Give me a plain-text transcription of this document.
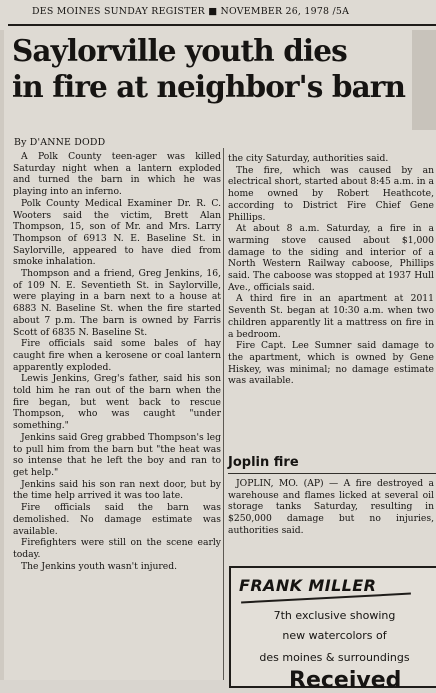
DES MOINES SUNDAY REGISTER ■ NOVEMBER 26, 1978 /5A
Saylorville youth dies
in fire at neighbor's barn
By D'ANNE DODD

A Polk County teen-ager was killed Saturday night when a lantern exploded and turned the barn in which he was playing into an inferno.

Polk County Medical Examiner Dr. R. C. Wooters said the victim, Brett Alan Thompson, 15, son of Mr. and Mrs. Larry Thompson of 6913 N. E. Baseline St. in Saylorville, appeared to have died from smoke inhalation.

Thompson and a friend, Greg Jenkins, 16, of 109 N. E. Seventieth St. in Saylorville, were playing in a barn next to a house at 6883 N. Baseline St. when the fire started about 7 p.m. The barn is owned by Farris Scott of 6835 N. Baseline St.

Fire officials said some bales of hay caught fire when a kerosene or coal lantern apparently exploded.

Lewis Jenkins, Greg's father, said his son told him he ran out of the barn when the fire began, but went back to rescue Thompson, who was caught "under something."

Jenkins said Greg grabbed Thompson's leg to pull him from the barn but "the heat was so intense that he left the boy and ran to get help."

Jenkins said his son ran next door, but by the time help arrived it was too late.

Fire officials said the barn was demolished. No damage estimate was available.

Firefighters were still on the scene early today.

The Jenkins youth wasn't injured.

the city Saturday, authorities said.

The fire, which was caused by an electrical short, started about 8:45 a.m. in a home owned by Robert Heathcote, according to District Fire Chief Gene Phillips.

At about 8 a.m. Saturday, a fire in a warming stove caused about $1,000 damage to the siding and interior of a North Western Railway caboose, Phillips said. The caboose was stopped at 1937 Hull Ave., officials said.

A third fire in an apartment at 2011 Seventh St. began at 10:30 a.m. when two children apparently lit a mattress on fire in a bedroom.

Fire Capt. Lee Sumner said damage to the apartment, which is owned by Gene Hiskey, was minimal; no damage estimate was available.

Joplin fire

JOPLIN, MO. (AP) — A fire destroyed a warehouse and flames licked at several oil storage tanks Saturday, resulting in $250,000 damage but no injuries, authorities said.

FRANK MILLER
7th exclusive showing
new watercolors of
des moines & surroundings
Received
